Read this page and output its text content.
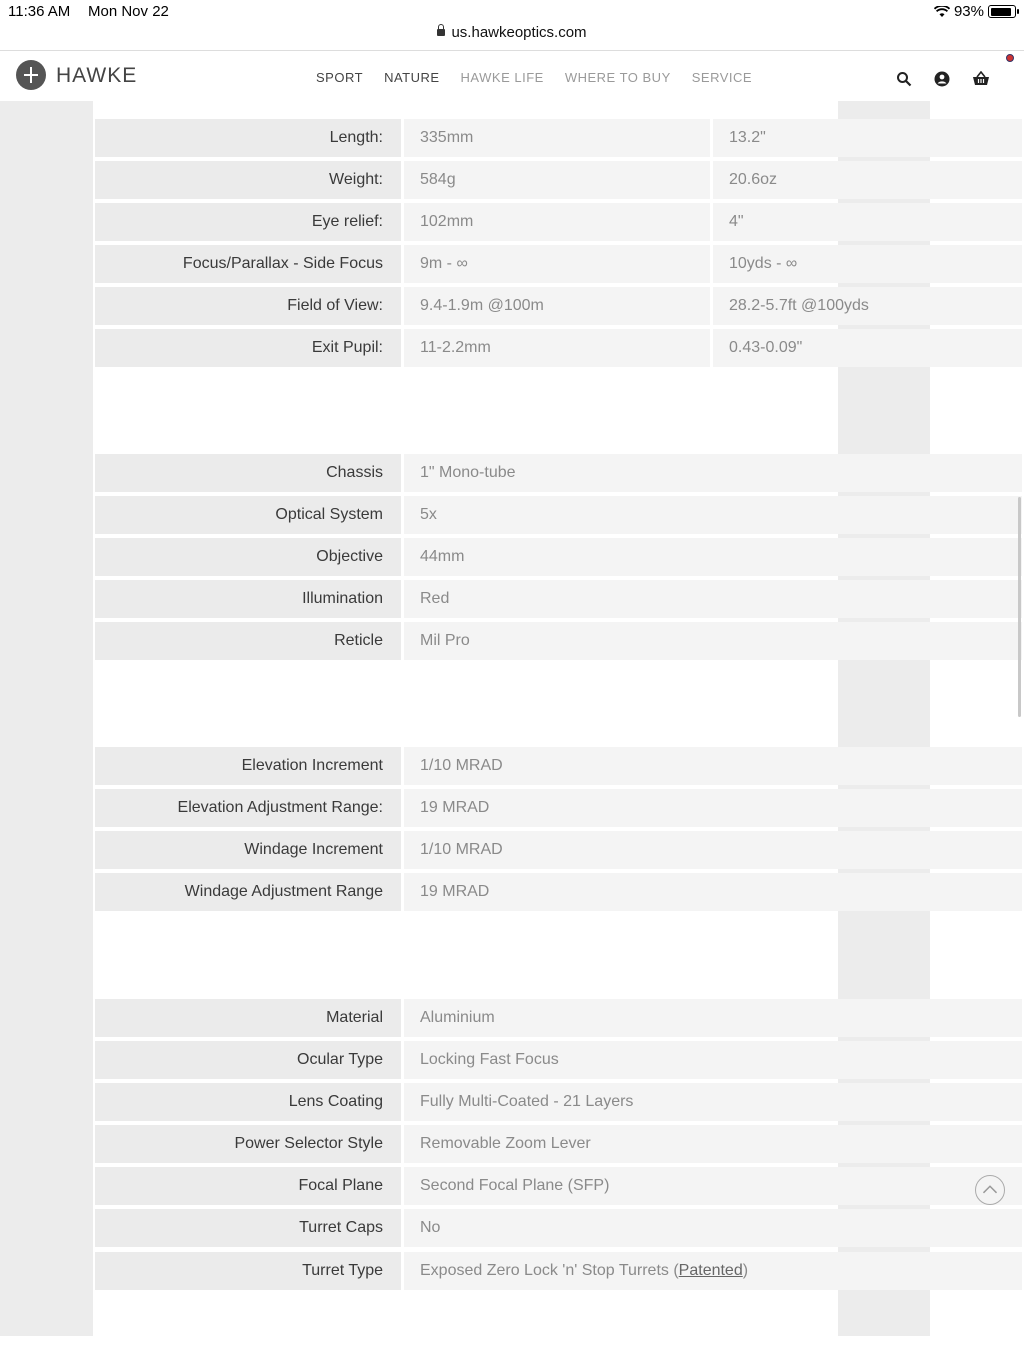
11:36 AM Mon Nov 22	93%
us.hawkeoptics.com
HAWKE	SPORT NATURE HAWKE LIFE WHERE TO BUY SERVICE
Length:	335mm	13.2"
Weight:	584g	20.6oz
Eye relief:	102mm	4"
Focus/Parallax - Side Focus	9m - ∞	10yds - ∞
Field of View:	9.4-1.9m @100m	28.2-5.7ft @100yds
Exit Pupil:	11-2.2mm	0.43-0.09"
Chassis	1" Mono-tube
Optical System	5x
Objective	44mm
Illumination	Red
Reticle	Mil Pro
Elevation Increment	1/10 MRAD
Elevation Adjustment Range:	19 MRAD
Windage Increment	1/10 MRAD
Windage Adjustment Range	19 MRAD
Material	Aluminium
Ocular Type	Locking Fast Focus
Lens Coating	Fully Multi-Coated - 21 Layers
Power Selector Style	Removable Zoom Lever
Focal Plane	Second Focal Plane (SFP)
Turret Caps	No
Turret Type	Exposed Zero Lock 'n' Stop Turrets (Patented)
